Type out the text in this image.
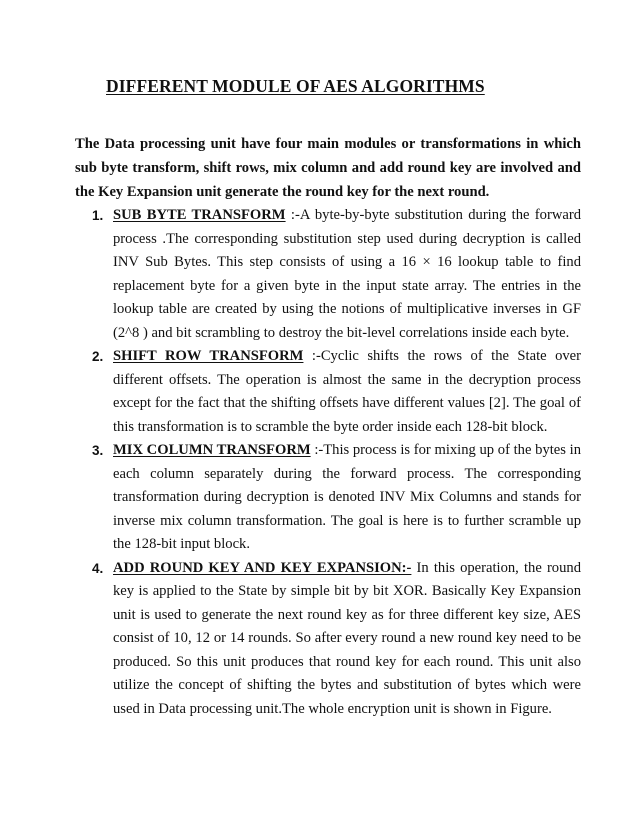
DIFFERENT MODULE OF AES ALGORITHMS

The Data processing unit have four main modules or transformations in which sub byte transform, shift rows, mix column and add round key are involved and the Key Expansion unit generate the round key for the next round.

1. SUB BYTE TRANSFORM :-A byte-by-byte substitution during the forward process .The corresponding substitution step used during decryption is called INV Sub Bytes. This step consists of using a 16 × 16 lookup table to find replacement byte for a given byte in the input state array. The entries in the lookup table are created by using the notions of multiplicative inverses in GF (2^8 ) and bit scrambling to destroy the bit-level correlations inside each byte.
2. SHIFT ROW TRANSFORM :-Cyclic shifts the rows of the State over different offsets. The operation is almost the same in the decryption process except for the fact that the shifting offsets have different values [2]. The goal of this transformation is to scramble the byte order inside each 128-bit block.
3. MIX COLUMN TRANSFORM :-This process is for mixing up of the bytes in each column separately during the forward process. The corresponding transformation during decryption is denoted INV Mix Columns and stands for inverse mix column transformation. The goal is here is to further scramble up the 128-bit input block.
4. ADD ROUND KEY AND KEY EXPANSION:- In this operation, the round key is applied to the State by simple bit by bit XOR. Basically Key Expansion unit is used to generate the next round key as for three different key size, AES consist of 10, 12 or 14 rounds. So after every round a new round key need to be produced. So this unit produces that round key for each round. This unit also utilize the concept of shifting the bytes and substitution of bytes which were used in Data processing unit.The whole encryption unit is shown in Figure.
